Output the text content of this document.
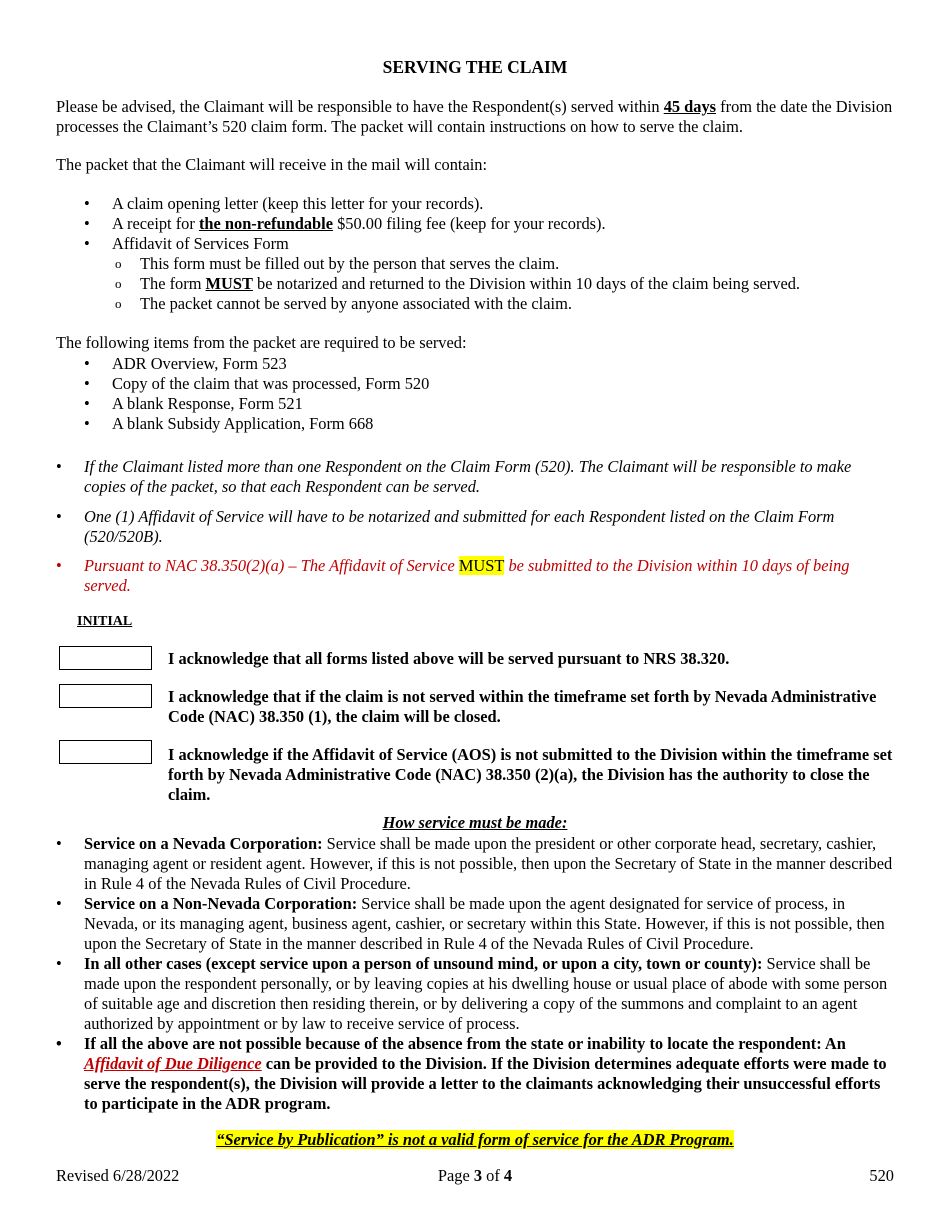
SERVING THE CLAIM
Please be advised, the Claimant will be responsible to have the Respondent(s) served within 45 days from the date the Division processes the Claimant’s 520 claim form. The packet will contain instructions on how to serve the claim.
The packet that the Claimant will receive in the mail will contain:
• A claim opening letter (keep this letter for your records).
• A receipt for the non-refundable $50.00 filing fee (keep for your records).
• Affidavit of Services Form
o This form must be filled out by the person that serves the claim.
o The form MUST be notarized and returned to the Division within 10 days of the claim being served.
o The packet cannot be served by anyone associated with the claim.
The following items from the packet are required to be served:
• ADR Overview, Form 523
• Copy of the claim that was processed, Form 520
• A blank Response, Form 521
• A blank Subsidy Application, Form 668
• If the Claimant listed more than one Respondent on the Claim Form (520). The Claimant will be responsible to make copies of the packet, so that each Respondent can be served.
• One (1) Affidavit of Service will have to be notarized and submitted for each Respondent listed on the Claim Form (520/520B).
• Pursuant to NAC 38.350(2)(a) – The Affidavit of Service MUST be submitted to the Division within 10 days of being served.
INITIAL
I acknowledge that all forms listed above will be served pursuant to NRS 38.320.
I acknowledge that if the claim is not served within the timeframe set forth by Nevada Administrative Code (NAC) 38.350 (1), the claim will be closed.
I acknowledge if the Affidavit of Service (AOS) is not submitted to the Division within the timeframe set forth by Nevada Administrative Code (NAC) 38.350 (2)(a), the Division has the authority to close the claim.
How service must be made:
• Service on a Nevada Corporation: Service shall be made upon the president or other corporate head, secretary, cashier, managing agent or resident agent. However, if this is not possible, then upon the Secretary of State in the manner described in Rule 4 of the Nevada Rules of Civil Procedure.
• Service on a Non-Nevada Corporation: Service shall be made upon the agent designated for service of process, in Nevada, or its managing agent, business agent, cashier, or secretary within this State. However, if this is not possible, then upon the Secretary of State in the manner described in Rule 4 of the Nevada Rules of Civil Procedure.
• In all other cases (except service upon a person of unsound mind, or upon a city, town or county): Service shall be made upon the respondent personally, or by leaving copies at his dwelling house or usual place of abode with some person of suitable age and discretion then residing therein, or by delivering a copy of the summons and complaint to an agent authorized by appointment or by law to receive service of process.
• If all the above are not possible because of the absence from the state or inability to locate the respondent: An Affidavit of Due Diligence can be provided to the Division. If the Division determines adequate efforts were made to serve the respondent(s), the Division will provide a letter to the claimants acknowledging their unsuccessful efforts to participate in the ADR program.
“Service by Publication” is not a valid form of service for the ADR Program.
Revised 6/28/2022	Page 3 of 4	520
